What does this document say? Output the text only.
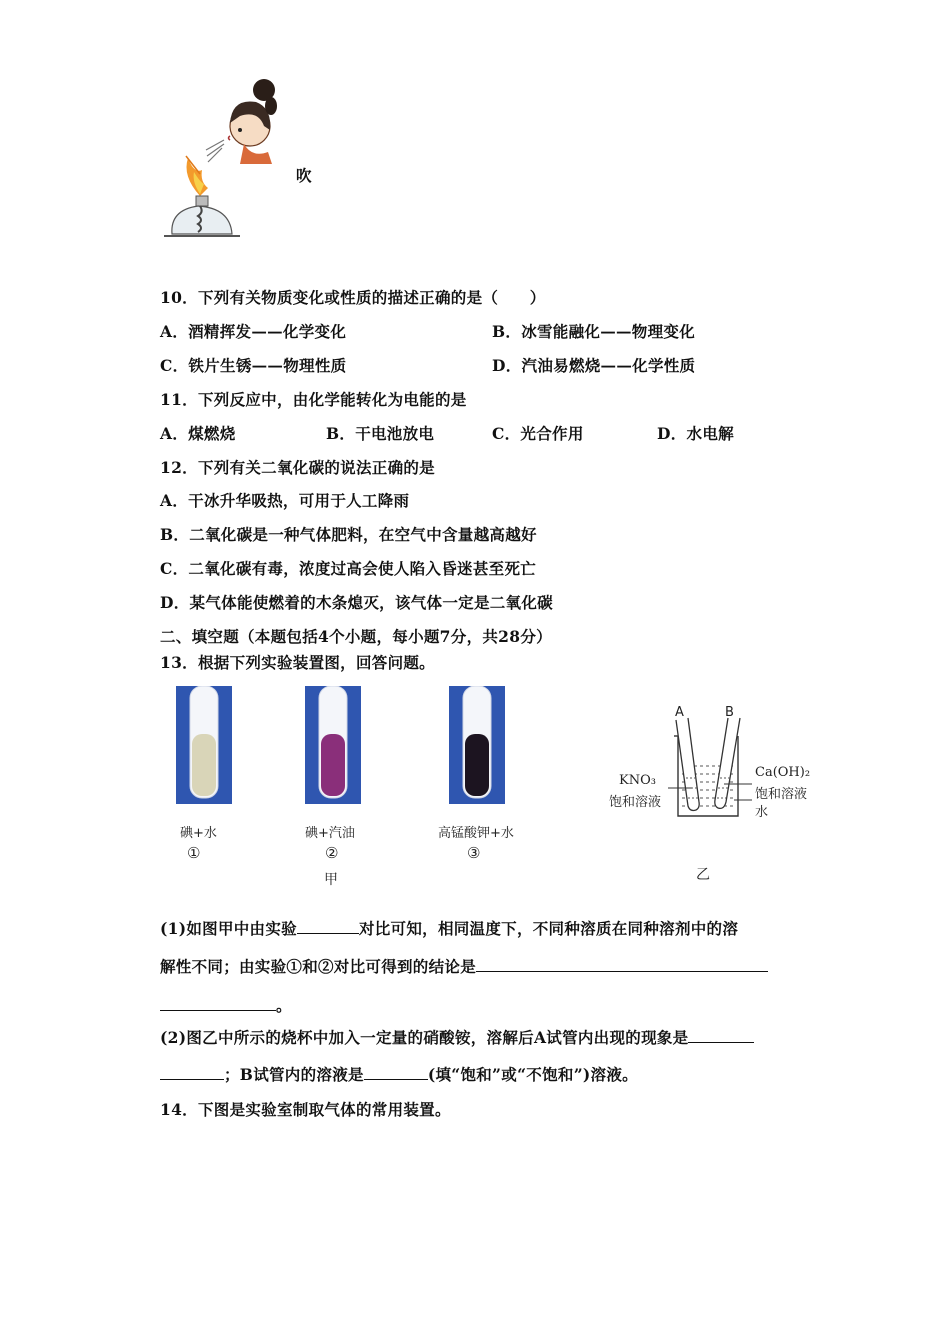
吹
10．下列有关物质变化或性质的描述正确的是（　　）
A．酒精挥发——化学变化	B．冰雪能融化——物理变化
C．铁片生锈——物理性质	D．汽油易燃烧——化学性质
11．下列反应中，由化学能转化为电能的是
A．煤燃烧	B．干电池放电	C．光合作用	D．水电解
12．下列有关二氧化碳的说法正确的是
A．干冰升华吸热，可用于人工降雨
B．二氧化碳是一种气体肥料，在空气中含量越高越好
C．二氧化碳有毒，浓度过高会使人陷入昏迷甚至死亡
D．某气体能使燃着的木条熄灭，该气体一定是二氧化碳
二、填空题（本题包括4个小题，每小题7分，共28分）
13．根据下列实验装置图，回答问题。
碘+水	碘+汽油	高锰酸钾+水
①	②	③
甲
A	B
KNO₃
饱和溶液
Ca(OH)₂
饱和溶液
水
乙
(1)如图甲中由实验	对比可知，相同温度下，不同种溶质在同种溶剂中的溶
解性不同；由实验①和②对比可得到的结论是
。
(2)图乙中所示的烧杯中加入一定量的硝酸铵，溶解后A试管内出现的现象是
；B试管内的溶液是	(填“饱和”或“不饱和”)溶液。
14．下图是实验室制取气体的常用装置。
